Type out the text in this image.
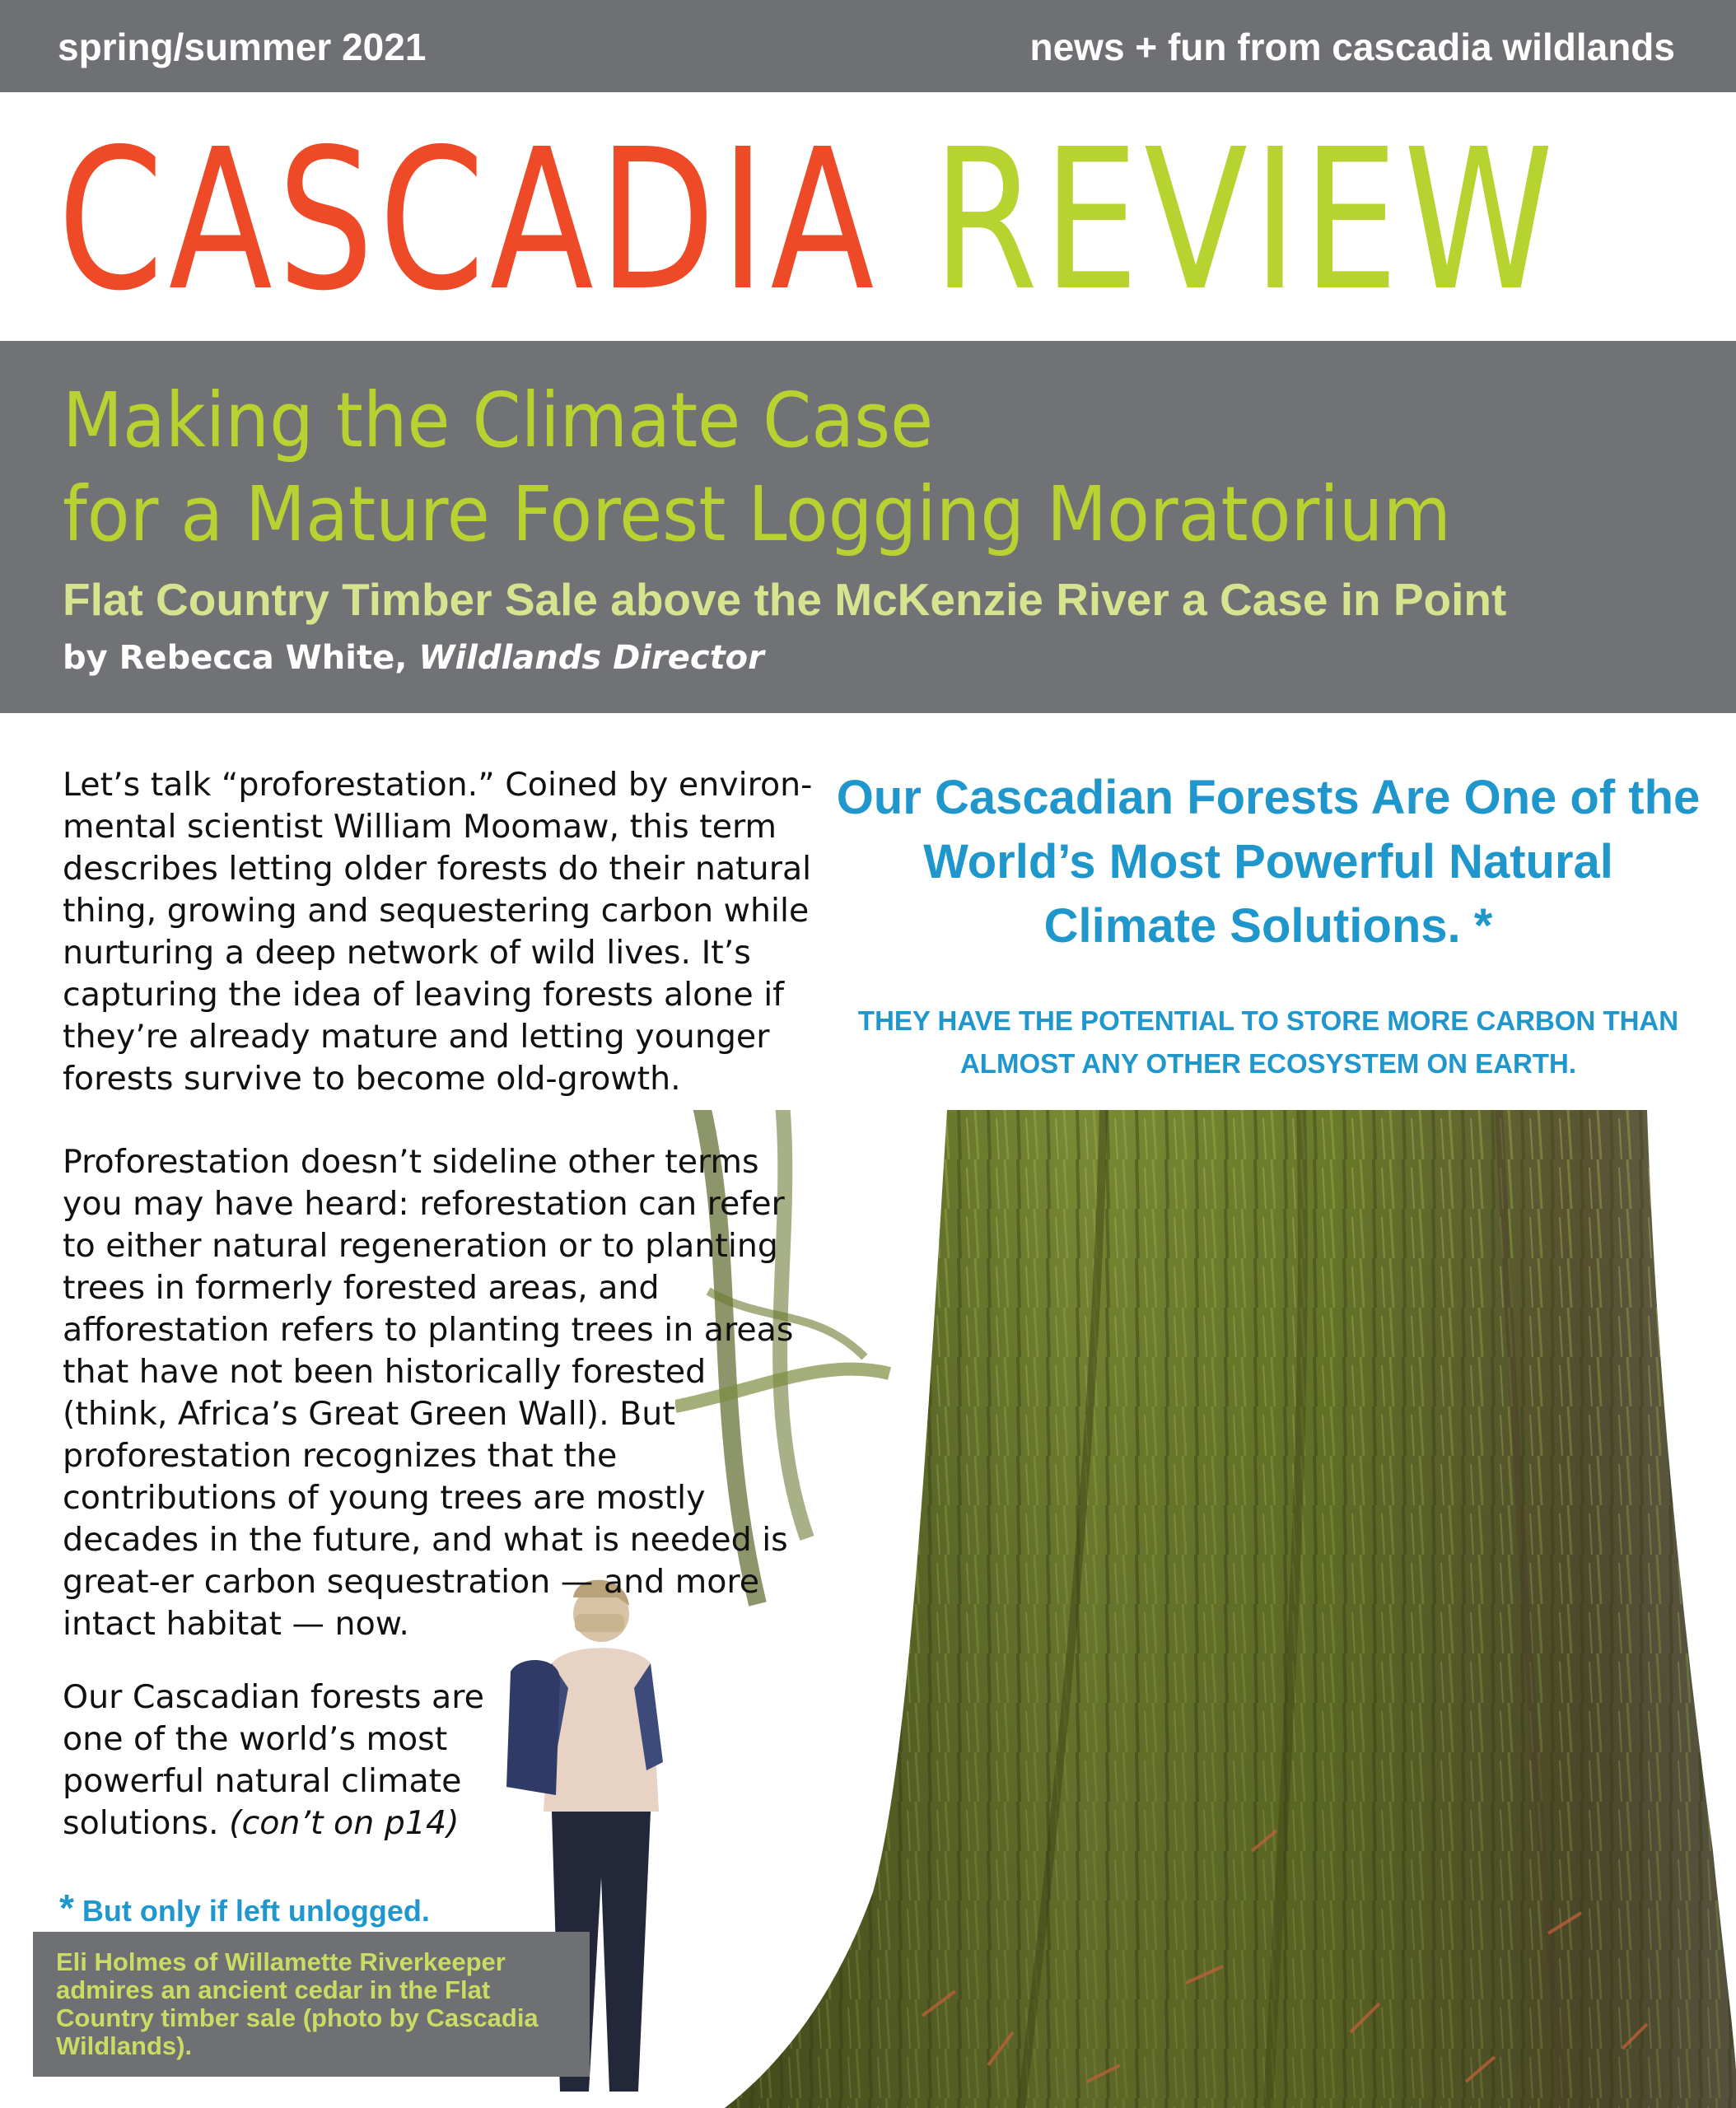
spring/summer 2021	news + fun from cascadia wildlands
CASCADIA REVIEW
Making the Climate Case
for a Mature Forest Logging Moratorium
Flat Country Timber Sale above the McKenzie River a Case in Point
by Rebecca White, Wildlands Director

Let’s talk “proforestation.” Coined by environ-mental scientist William Moomaw, this term describes letting older forests do their natural thing, growing and sequestering carbon while nurturing a deep network of wild lives. It’s capturing the idea of leaving forests alone if they’re already mature and letting younger forests survive to become old-growth.

Proforestation doesn’t sideline other terms you may have heard: reforestation can refer to either natural regeneration or to planting trees in formerly forested areas, and afforestation refers to planting trees in areas that have not been historically forested (think, Africa’s Great Green Wall). But proforestation recognizes that the contributions of young trees are mostly decades in the future, and what is needed is great-er carbon sequestration — and more intact habitat — now.

Our Cascadian forests are one of the world’s most powerful natural climate solutions. (con’t on p14)

Our Cascadian Forests Are One of the World’s Most Powerful Natural Climate Solutions. *
THEY HAVE THE POTENTIAL TO STORE MORE CARBON THAN ALMOST ANY OTHER ECOSYSTEM ON EARTH.
* But only if left unlogged.
Eli Holmes of Willamette Riverkeeper admires an ancient cedar in the Flat Country timber sale (photo by Cascadia Wildlands).
